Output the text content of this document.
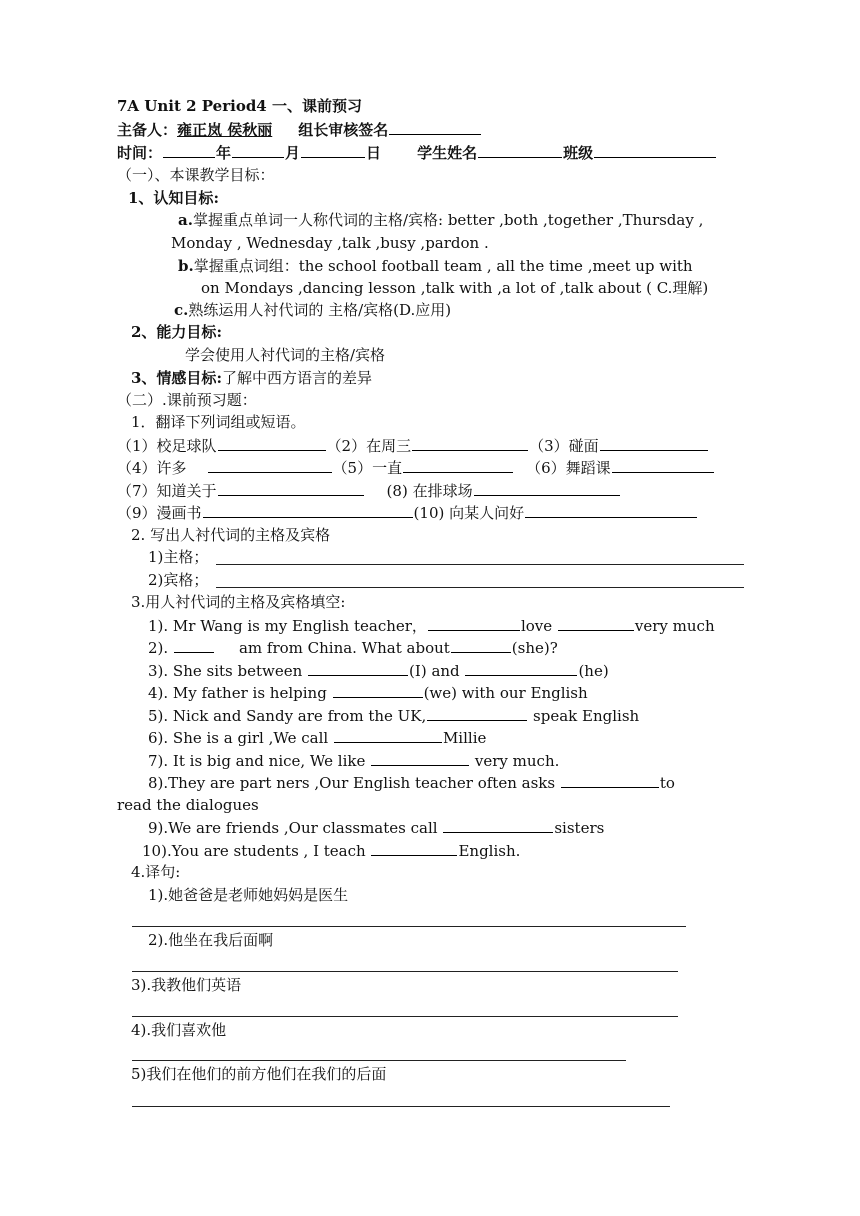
7A Unit 2 Period4 一、课前预习
主备人：雍正岚 侯秋丽 组长审核签名
时间：	年	月	日 学生姓名	班级
（一）、本课教学目标：
1、认知目标:
a.掌握重点单词一人称代词的主格/宾格: better ,both ,together ,Thursday ,
Monday , Wednesday ,talk ,busy ,pardon .
b.掌握重点词组：the school football team , all the time ,meet up with
on Mondays ,dancing lesson ,talk with ,a lot of ,talk about ( C.理解)
c.熟练运用人衬代词的 主格/宾格(D.应用)
2、能力目标:
学会使用人衬代词的主格/宾格
3、情感目标:了解中西方语言的差异
（二）.课前预习题：
1．翻译下列词组或短语。
（1）校足球队	（2）在周三	（3）碰面
（4）许多	（5）一直	（6）舞蹈课
（7）知道关于	(8) 在排球场
（9）漫画书	(10) 向某人问好
2. 写出人衬代词的主格及宾格
1)主格；
2)宾格；
3.用人衬代词的主格及宾格填空:
1). Mr Wang is my English teacher，	love	very much
2).	am from China. What about	(she)?
3). She sits between	(I) and	(he)
4). My father is helping	(we) with our English
5). Nick and Sandy are from the UK,	speak English
6). She is a girl ,We call	Millie
7). It is big and nice, We like	very much.
8).They are part ners ,Our English teacher often asks	to
read the dialogues
9).We are friends ,Our classmates call	sisters
10).You are students , I teach	English.
4.译句:
1).她爸爸是老师她妈妈是医生
2).他坐在我后面啊
3).我教他们英语
4).我们喜欢他
5)我们在他们的前方他们在我们的后面
